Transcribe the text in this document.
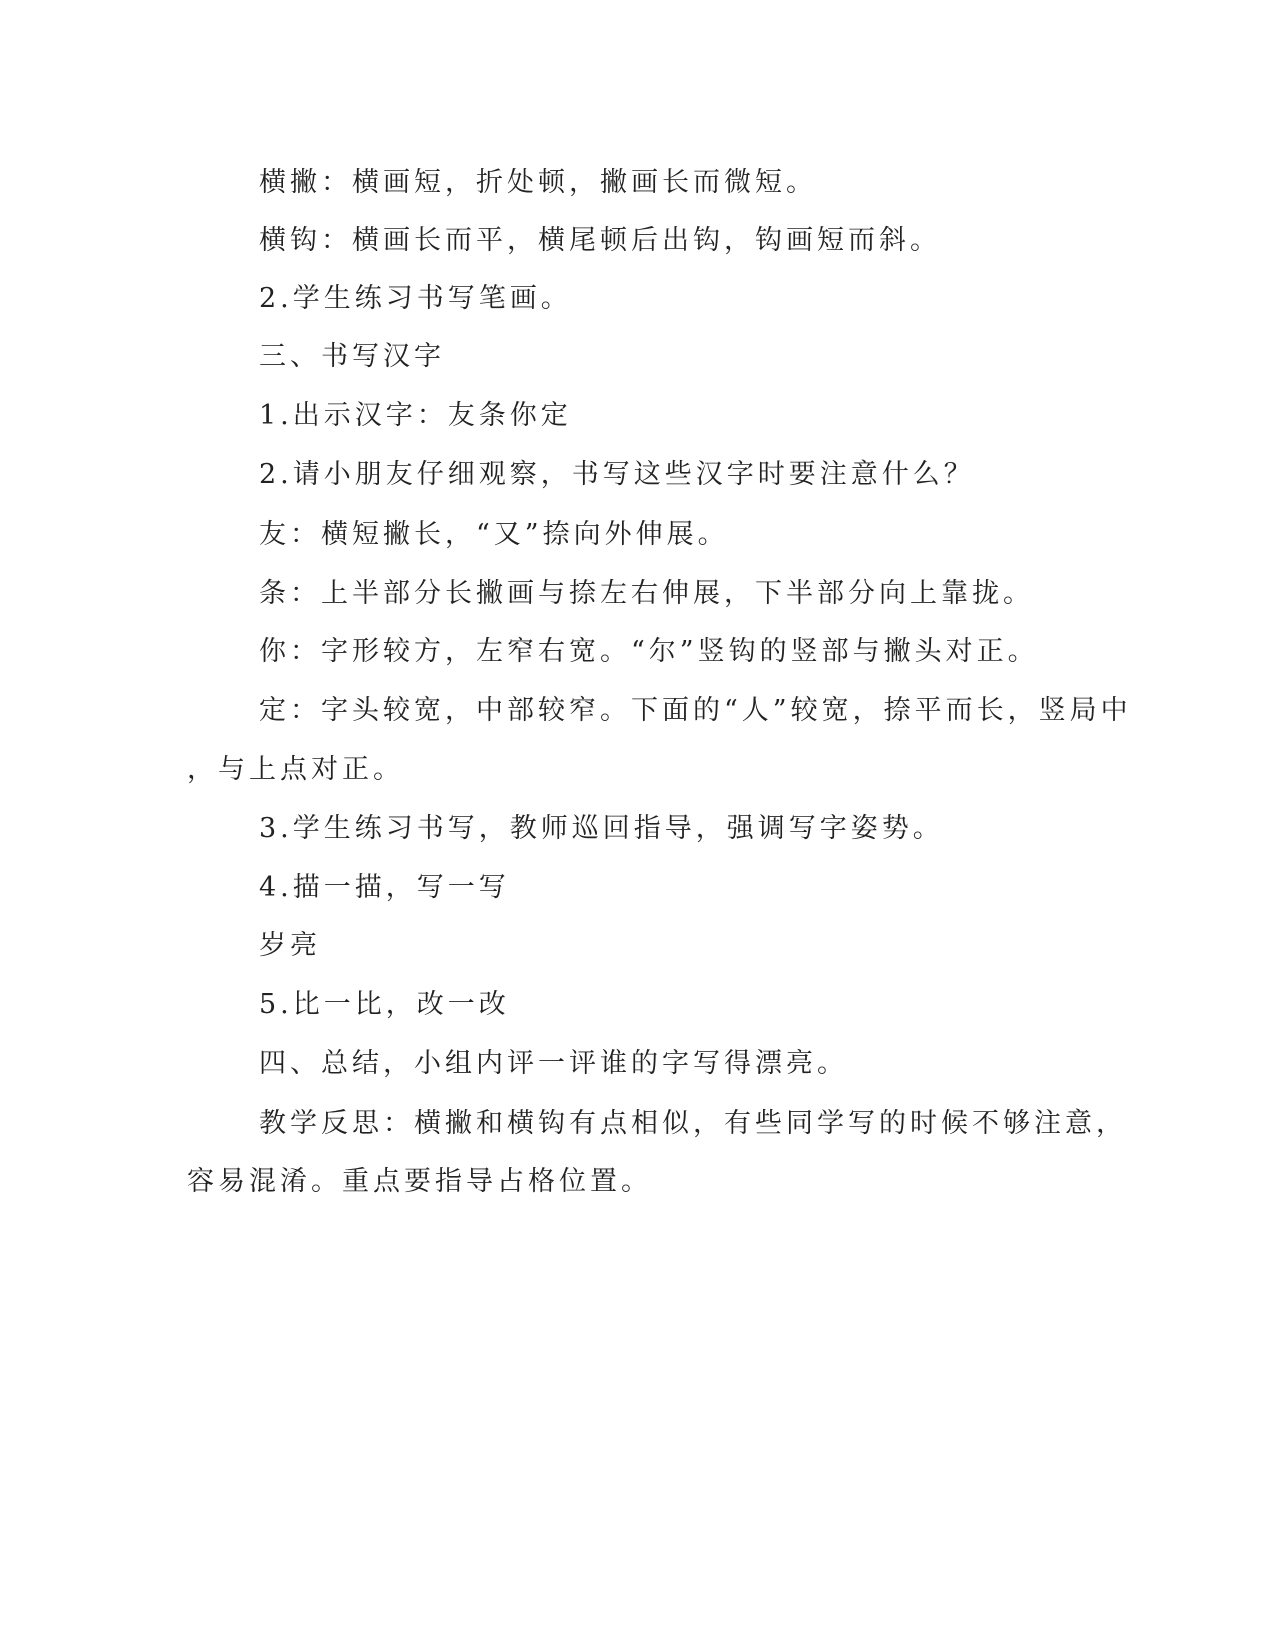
横撇：横画短，折处顿，撇画长而微短。

横钩：横画长而平，横尾顿后出钩，钩画短而斜。

2.学生练习书写笔画。

三、书写汉字

1.出示汉字：友条你定

2.请小朋友仔细观察，书写这些汉字时要注意什么？

友：横短撇长，“又”捺向外伸展。

条：上半部分长撇画与捺左右伸展，下半部分向上靠拢。

你：字形较方，左窄右宽。“尔”竖钩的竖部与撇头对正。

定：字头较宽，中部较窄。下面的“人”较宽，捺平而长，竖局中

，与上点对正。

3.学生练习书写，教师巡回指导，强调写字姿势。

4.描一描，写一写

岁亮

5.比一比，改一改

四、总结，小组内评一评谁的字写得漂亮。

教学反思：横撇和横钩有点相似，有些同学写的时候不够注意，

容易混淆。重点要指导占格位置。
